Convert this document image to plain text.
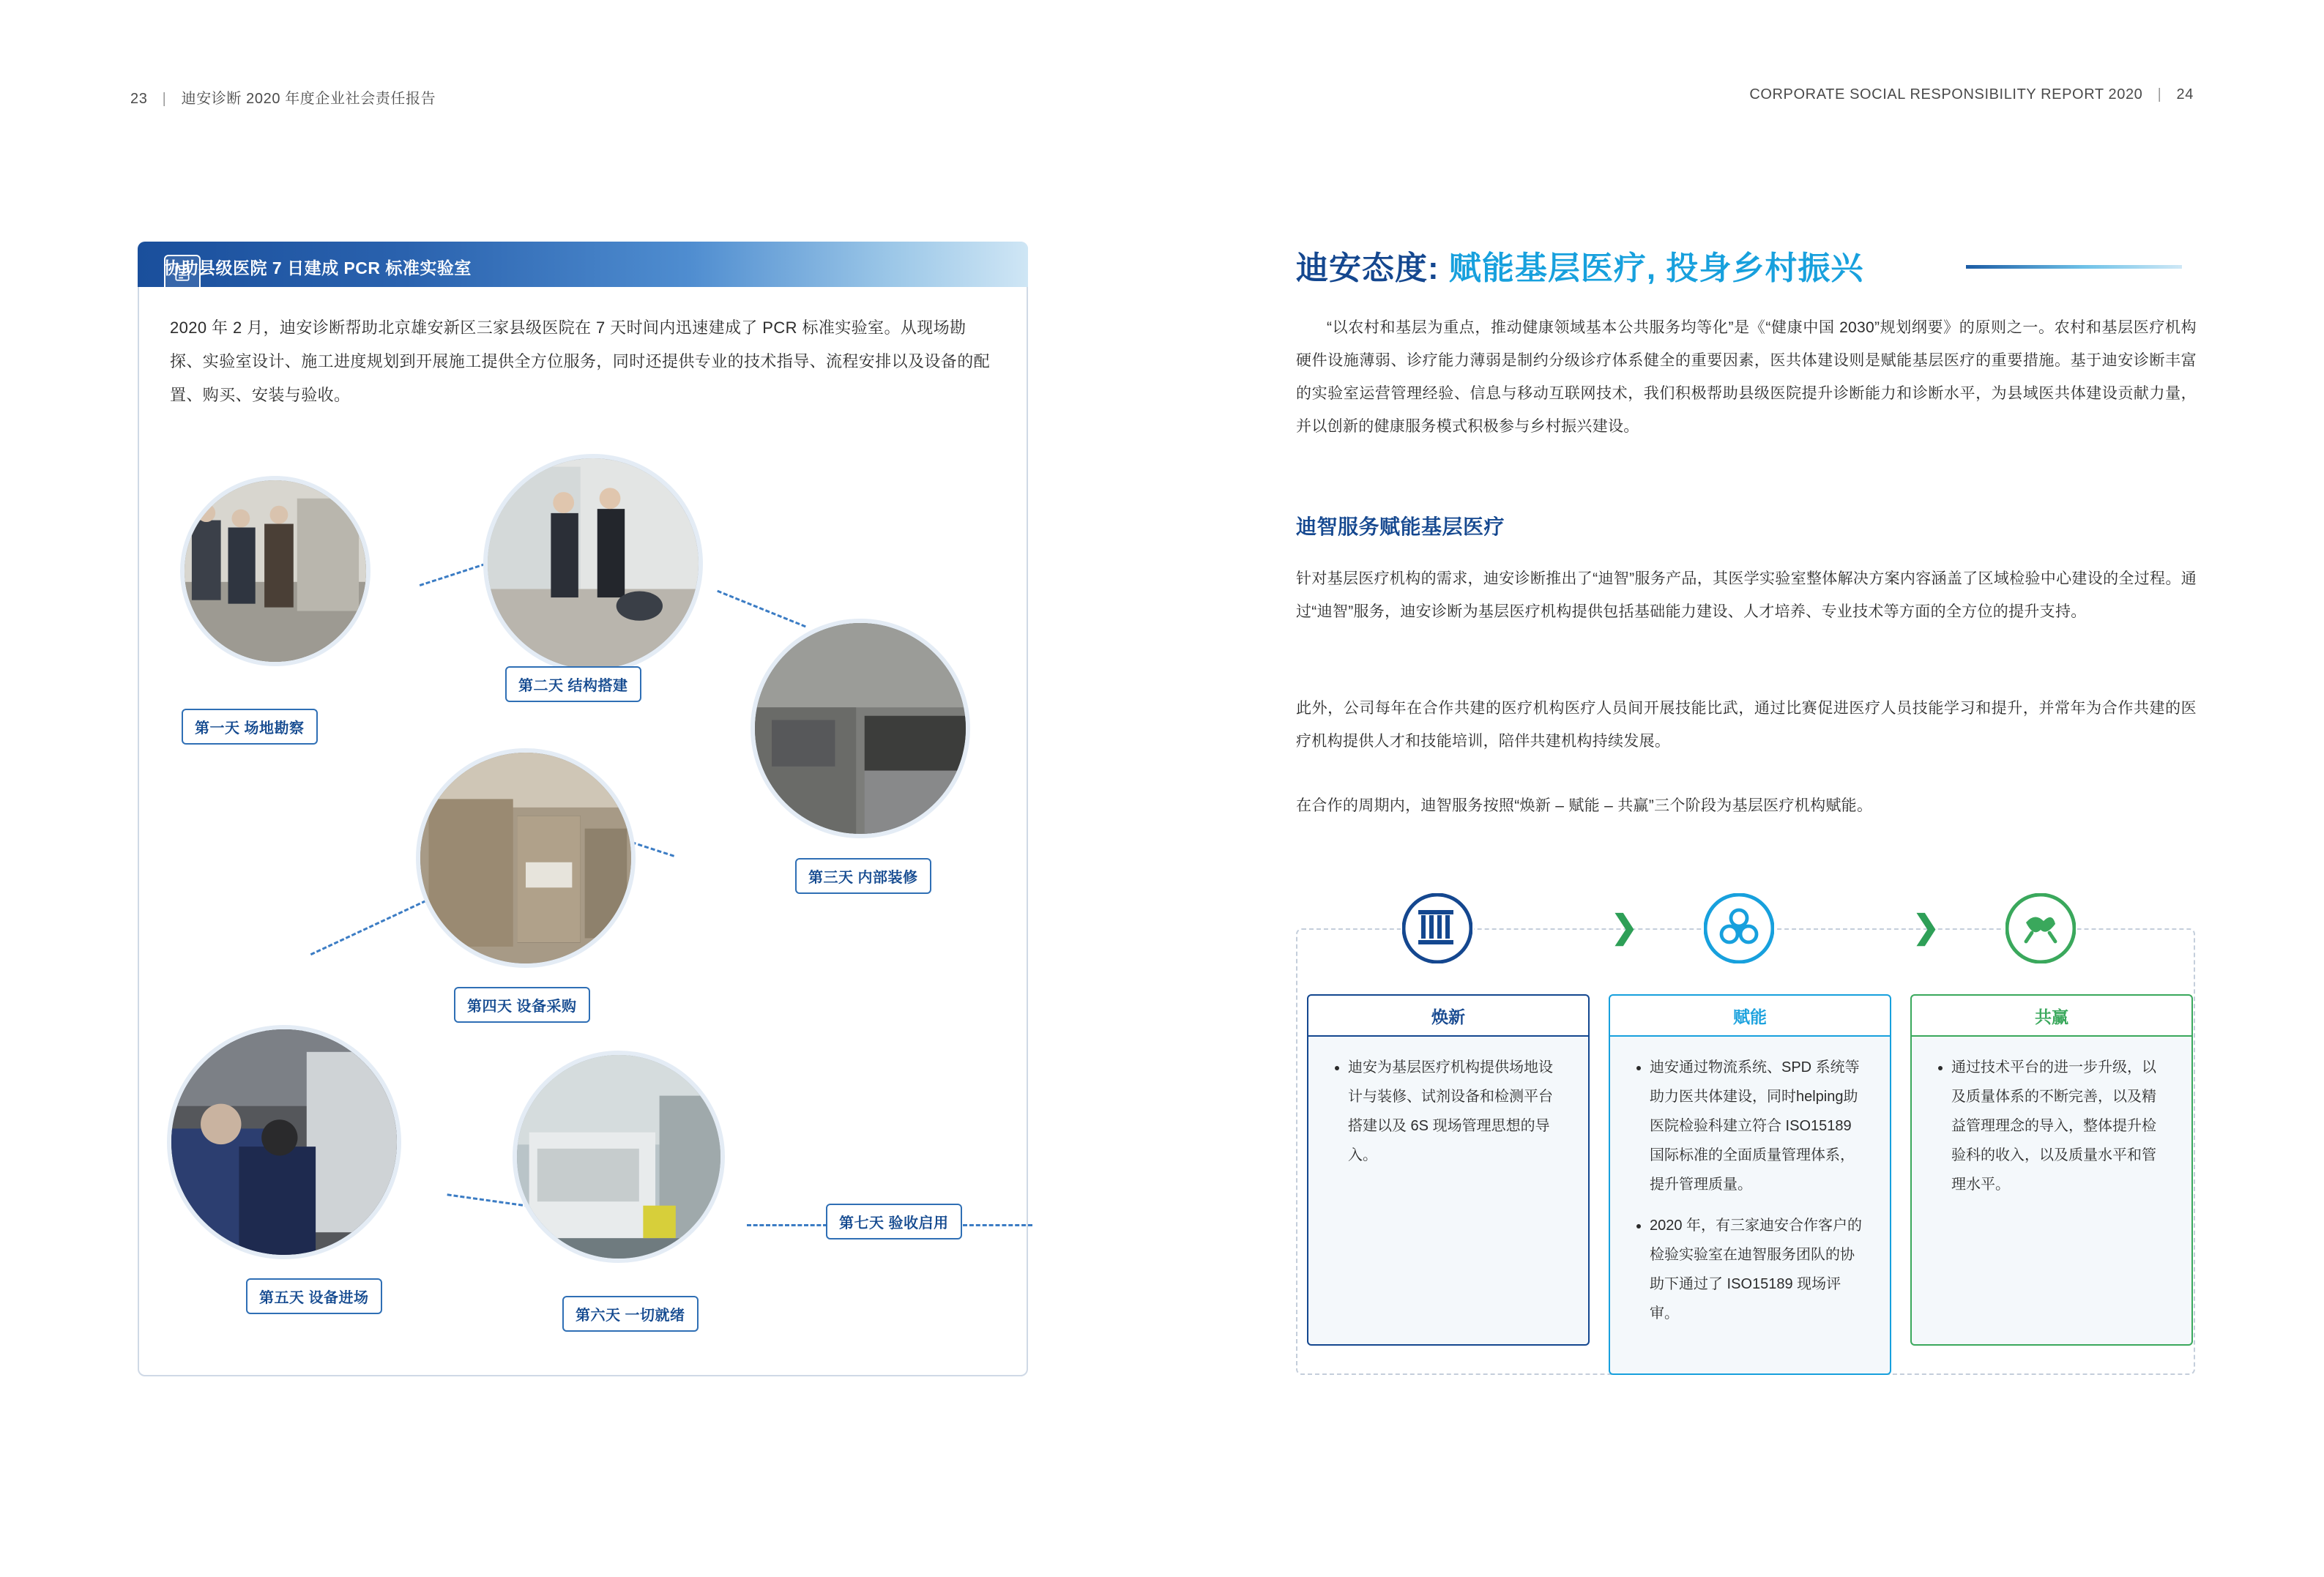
23 | 迪安诊断 2020 年度企业社会责任报告	CORPORATE SOCIAL RESPONSIBILITY REPORT 2020 | 24
协助县级医院 7 日建成 PCR 标准实验室
2020 年 2 月，迪安诊断帮助北京雄安新区三家县级医院在 7 天时间内迅速建成了 PCR 标准实验室。从现场勘探、实验室设计、施工进度规划到开展施工提供全方位服务，同时还提供专业的技术指导、流程安排以及设备的配置、购买、安装与验收。
第一天 场地勘察
第二天 结构搭建
第三天 内部装修
第四天 设备采购
第五天 设备进场
第六天 一切就绪
第七天 验收启用
迪安态度: 赋能基层医疗, 投身乡村振兴
“以农村和基层为重点，推动健康领域基本公共服务均等化”是《“健康中国 2030”规划纲要》的原则之一。农村和基层医疗机构硬件设施薄弱、诊疗能力薄弱是制约分级诊疗体系健全的重要因素，医共体建设则是赋能基层医疗的重要措施。基于迪安诊断丰富的实验室运营管理经验、信息与移动互联网技术，我们积极帮助县级医院提升诊断能力和诊断水平，为县域医共体建设贡献力量，并以创新的健康服务模式积极参与乡村振兴建设。
迪智服务赋能基层医疗
针对基层医疗机构的需求，迪安诊断推出了“迪智”服务产品，其医学实验室整体解决方案内容涵盖了区域检验中心建设的全过程。通过“迪智”服务，迪安诊断为基层医疗机构提供包括基础能力建设、人才培养、专业技术等方面的全方位的提升支持。
此外，公司每年在合作共建的医疗机构医疗人员间开展技能比武，通过比赛促进医疗人员技能学习和提升，并常年为合作共建的医疗机构提供人才和技能培训，陪伴共建机构持续发展。
在合作的周期内，迪智服务按照“焕新 – 赋能 – 共赢”三个阶段为基层医疗机构赋能。
❯	❯
焕新
• 迪安为基层医疗机构提供场地设计与装修、试剂设备和检测平台搭建以及 6S 现场管理思想的导入。
赋能
• 迪安通过物流系统、SPD 系统等助力医共体建设，同时helping助医院检验科建立符合 ISO15189 国际标准的全面质量管理体系，提升管理质量。
• 2020 年，有三家迪安合作客户的检验实验室在迪智服务团队的协助下通过了 ISO15189 现场评审。
共赢
• 通过技术平台的进一步升级，以及质量体系的不断完善，以及精益管理理念的导入，整体提升检验科的收入，以及质量水平和管理水平。
